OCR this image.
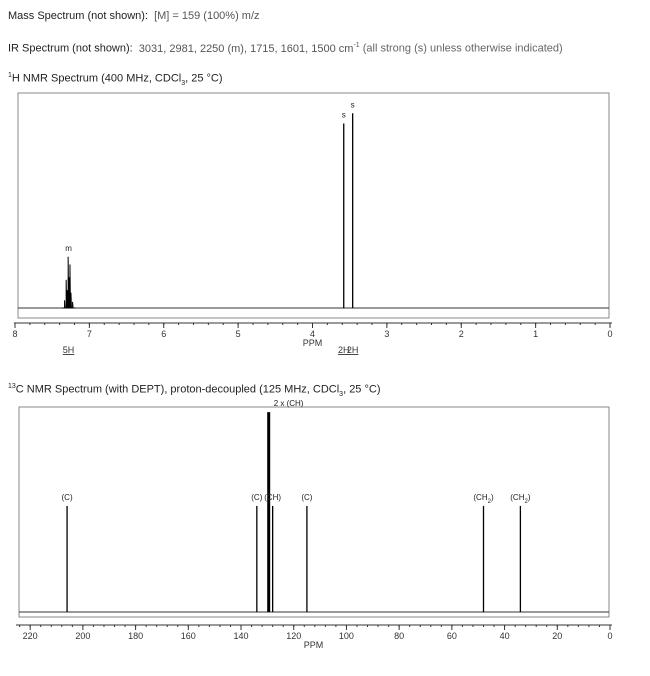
Mass Spectrum (not shown): [M] = 159 (100%) m/z
IR Spectrum (not shown): 3031, 2981, 2250 (m), 1715, 1601, 1500 $cm^{-1}$ (all strong (s) unless otherwise indicated)
$^1$H NMR Spectrum (400 MHz, CDCl$_3$, 25 °C)
8	7	6	5	4	3	2	1	0
PPM
m
5H
s
2H
s
2H
$^{13}$C NMR Spectrum (with DEPT), proton-decoupled (125 MHz, CDCl$_3$, 25 °C)
220	200	180	160	140	120	100	80	60	40	20	0
PPM
(C)	(C)
2 x (CH)
(CH)	(C)	$(CH_2)$ $(CH_2)$
